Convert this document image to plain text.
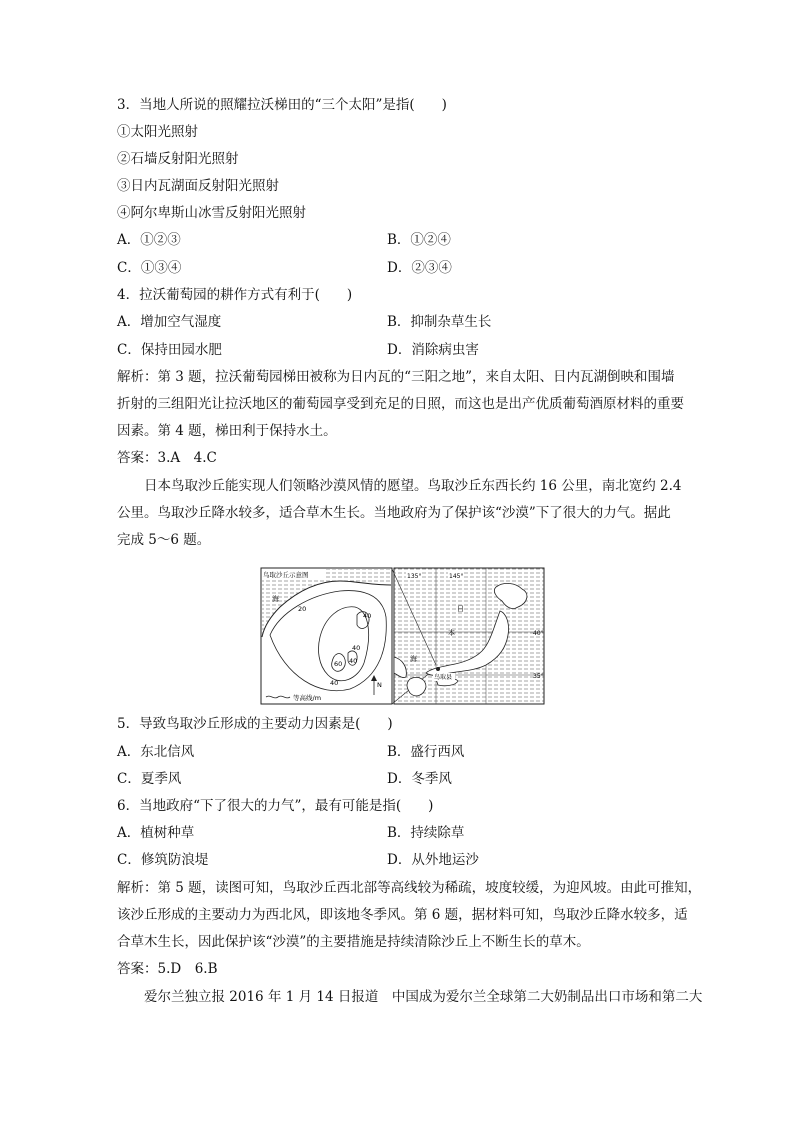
3．当地人所说的照耀拉沃梯田的“三个太阳”是指(　　)
①太阳光照射
②石墙反射阳光照射
③日内瓦湖面反射阳光照射
④阿尔卑斯山冰雪反射阳光照射
A．①②③	B．①②④
C．①③④	D．②③④
4．拉沃葡萄园的耕作方式有利于(　　)
A．增加空气湿度	B．抑制杂草生长
C．保持田园水肥	D．消除病虫害
解析：第 3 题，拉沃葡萄园梯田被称为日内瓦的“三阳之地”，来自太阳、日内瓦湖倒映和围墙
折射的三组阳光让拉沃地区的葡萄园享受到充足的日照，而这也是出产优质葡萄酒原材料的重要
因素。第 4 题，梯田利于保持水土。
答案：3.A　4.C
日本鸟取沙丘能实现人们领略沙漠风情的愿望。鸟取沙丘东西长约 16 公里，南北宽约 2.4
公里。鸟取沙丘降水较多，适合草木生长。当地政府为了保护该“沙漠”下了很大的力气。据此
完成 5～6 题。
鸟取沙丘示意图
海
20
40
40
60 40
40	N
等高线/m
鸟取县
135°	145°
40°
35°
日
本
海
5．导致鸟取沙丘形成的主要动力因素是(　　)
A．东北信风	B．盛行西风
C．夏季风	D．冬季风
6．当地政府“下了很大的力气”，最有可能是指(　　)
A．植树种草	B．持续除草
C．修筑防浪堤	D．从外地运沙
解析：第 5 题，读图可知，鸟取沙丘西北部等高线较为稀疏，坡度较缓，为迎风坡。由此可推知，
该沙丘形成的主要动力为西北风，即该地冬季风。第 6 题，据材料可知，鸟取沙丘降水较多，适
合草木生长，因此保护该“沙漠”的主要措施是持续清除沙丘上不断生长的草木。
答案：5.D　6.B
爱尔兰独立报 2016 年 1 月 14 日报道　中国成为爱尔兰全球第二大奶制品出口市场和第二大
